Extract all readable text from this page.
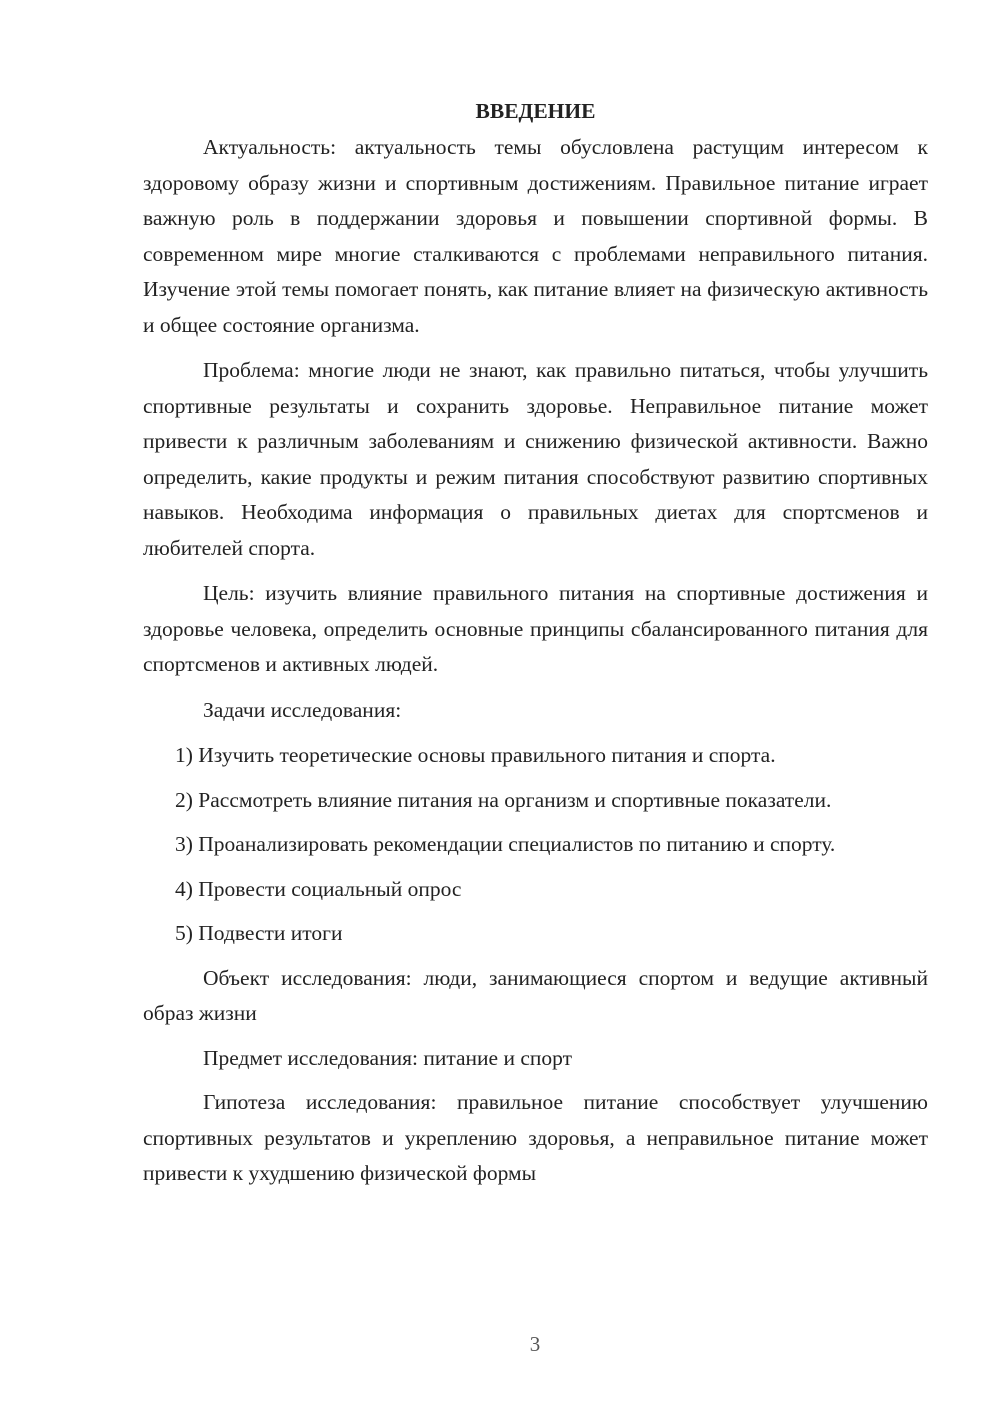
ВВЕДЕНИЕ

Актуальность: актуальность темы обусловлена растущим интересом к здоровому образу жизни и спортивным достижениям. Правильное питание играет важную роль в поддержании здоровья и повышении спортивной формы. В современном мире многие сталкиваются с проблемами неправильного питания. Изучение этой темы помогает понять, как питание влияет на физическую активность и общее состояние организма.

Проблема: многие люди не знают, как правильно питаться, чтобы улучшить спортивные результаты и сохранить здоровье. Неправильное питание может привести к различным заболеваниям и снижению физической активности. Важно определить, какие продукты и режим питания способствуют развитию спортивных навыков. Необходима информация о правильных диетах для спортсменов и любителей спорта.

Цель: изучить влияние правильного питания на спортивные достижения и здоровье человека, определить основные принципы сбалансированного питания для спортсменов и активных людей.

Задачи исследования:

1) Изучить теоретические основы правильного питания и спорта.

2) Рассмотреть влияние питания на организм и спортивные показатели.

3) Проанализировать рекомендации специалистов по питанию и спорту.

4) Провести социальный опрос

5) Подвести итоги

Объект исследования: люди, занимающиеся спортом и ведущие активный образ жизни

Предмет исследования: питание и спорт

Гипотеза исследования: правильное питание способствует улучшению спортивных результатов и укреплению здоровья, а неправильное питание может привести к ухудшению физической формы

3
